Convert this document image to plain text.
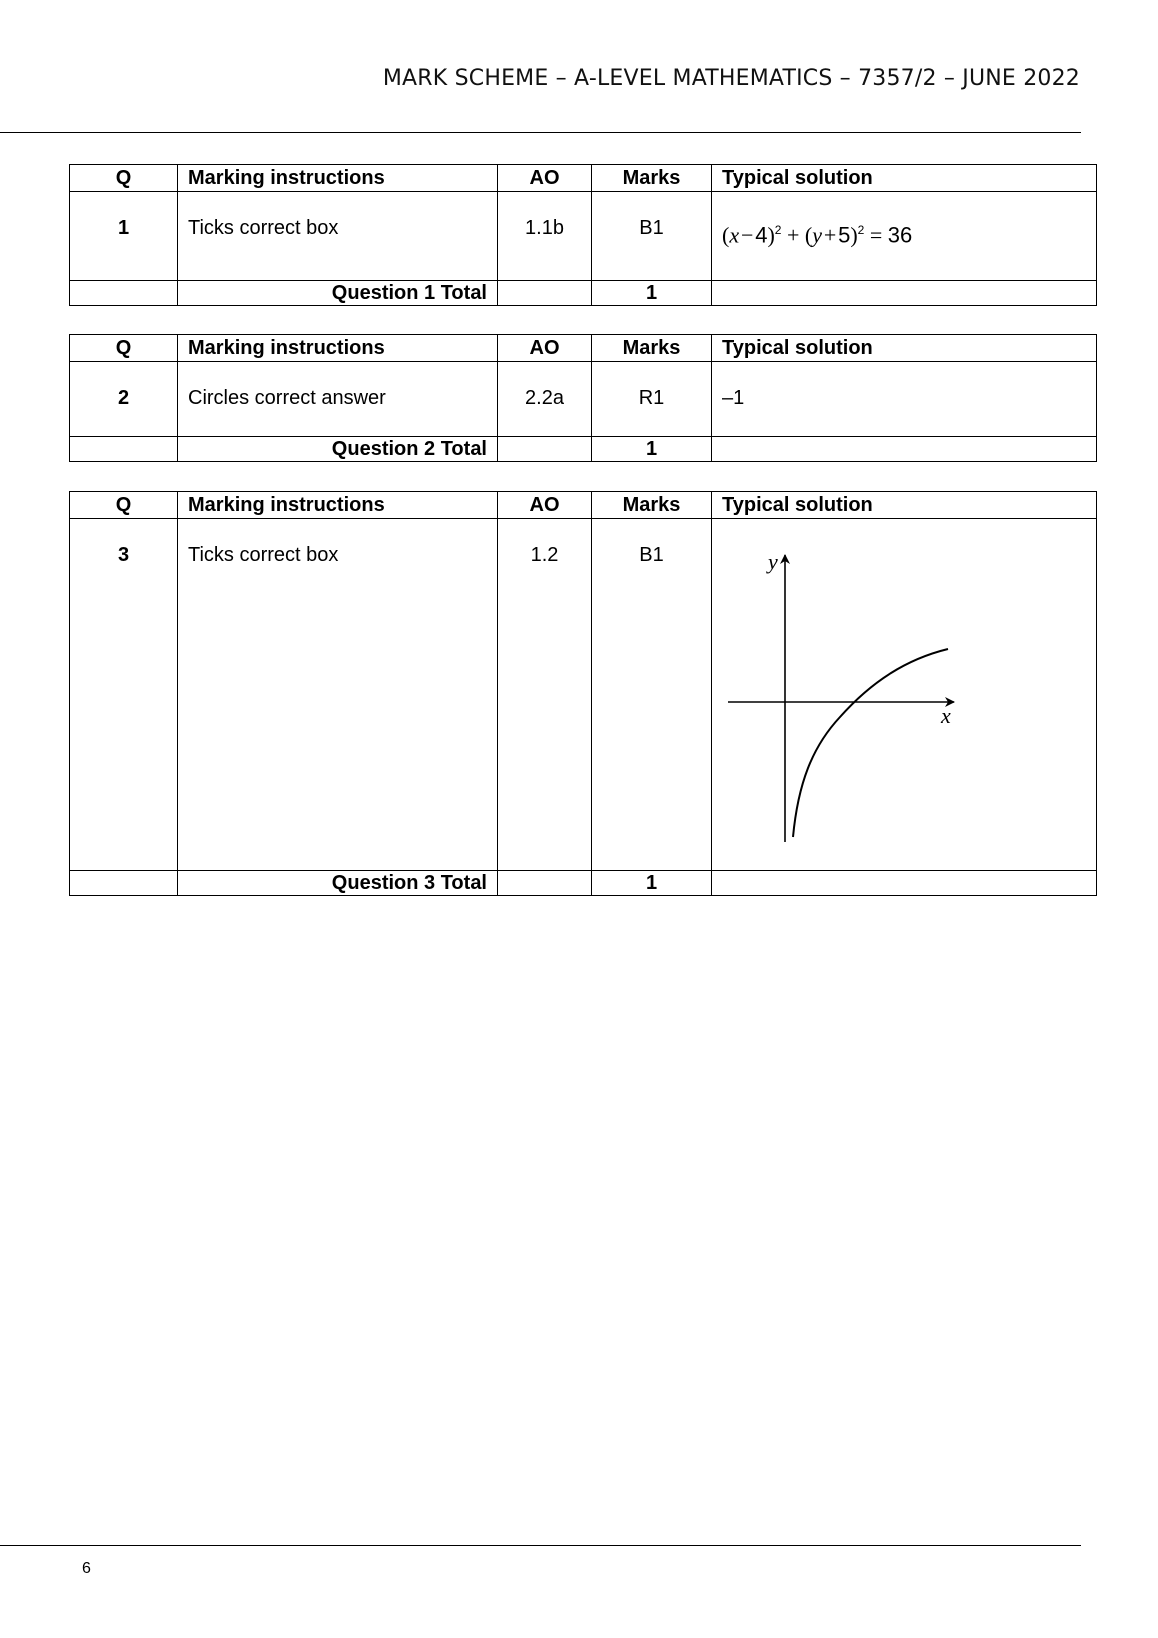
MARK SCHEME – A-LEVEL MATHEMATICS – 7357/2 – JUNE 2022
Q	Marking instructions	AO	Marks	Typical solution
1	Ticks correct box	1.1b	B1	(x − 4)$^2$ + (y + 5)$^2$ = 36
	Question 1 Total		1	
Q	Marking instructions	AO	Marks	Typical solution
2	Circles correct answer	2.2a	R1	–1
	Question 2 Total		1	
Q	Marking instructions	AO	Marks	Typical solution
3	Ticks correct box	1.2	B1	y
x

	Question 3 Total		1	
6
